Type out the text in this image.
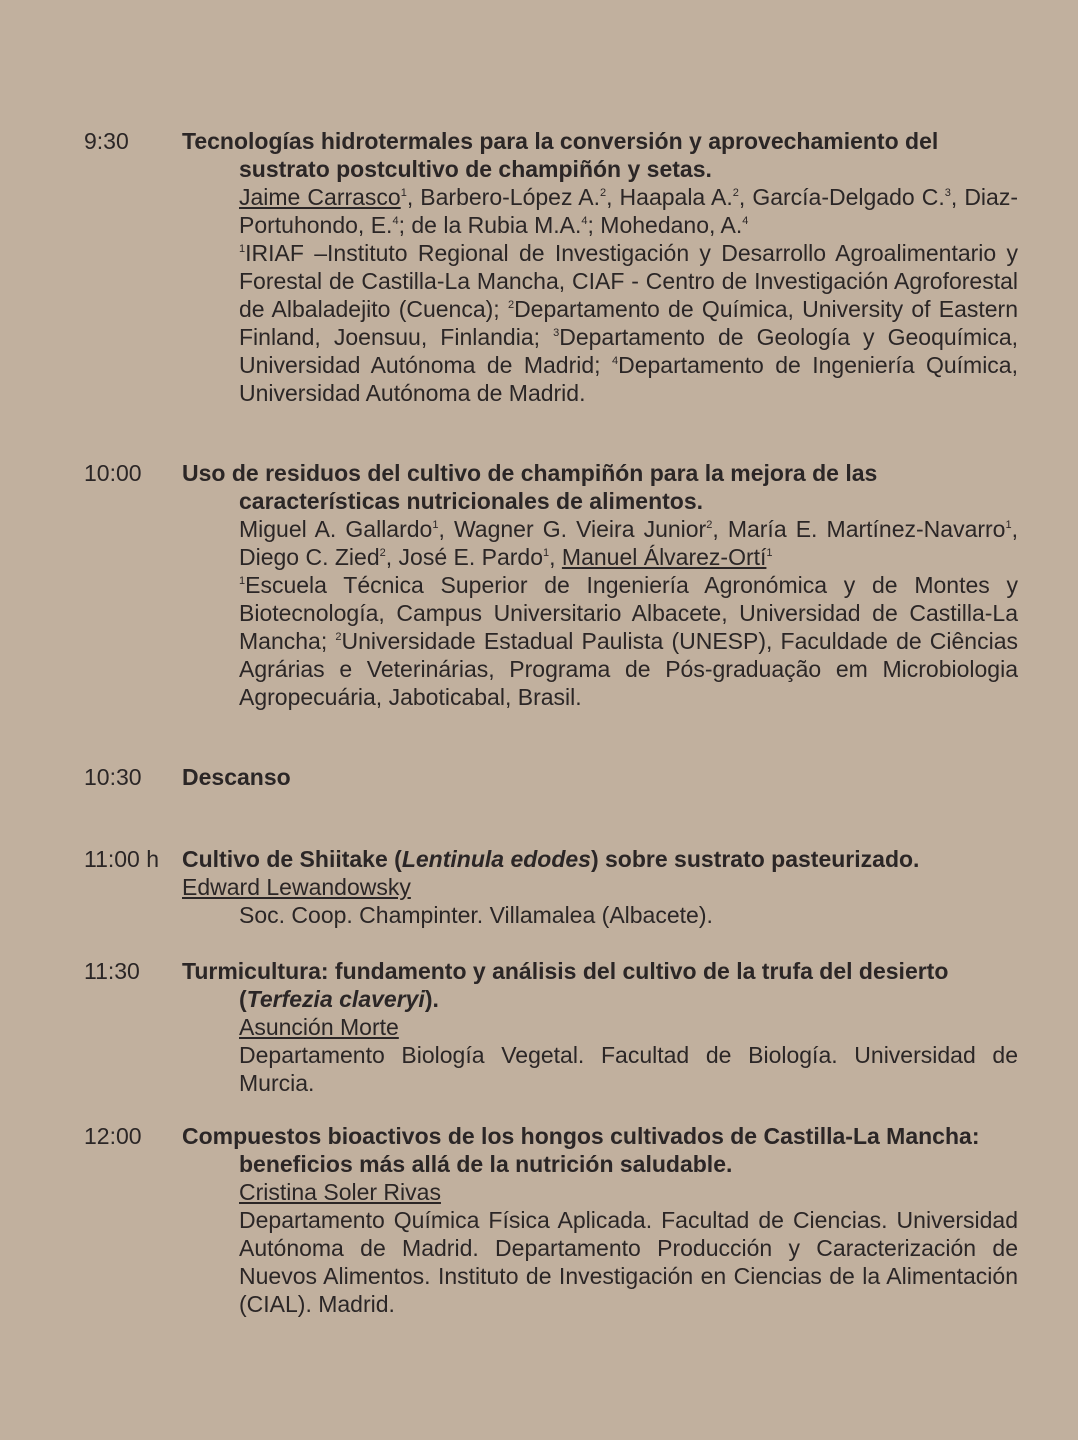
9:30 Tecnologías hidrotermales para la conversión y aprovechamiento del
sustrato postcultivo de champiñón y setas.

Jaime Carrasco$^1$, Barbero-López A.$^2$, Haapala A.$^2$, García-Delgado C.$^3$, Diaz-Portuhondo, E.$^4$; de la Rubia M.A.$^4$; Mohedano, A.$^4$

$^1$IRIAF –Instituto Regional de Investigación y Desarrollo Agroalimentario y Forestal de Castilla-La Mancha, CIAF - Centro de Investigación Agroforestal de Albaladejito (Cuenca); $^2$Departamento de Química, University of Eastern Finland, Joensuu, Finlandia; $^3$Departamento de Geología y Geoquímica, Universidad Autónoma de Madrid; $^4$Departamento de Ingeniería Química, Universidad Autónoma de Madrid.

10:00 Uso de residuos del cultivo de champiñón para la mejora de las
características nutricionales de alimentos.

Miguel A. Gallardo$^1$, Wagner G. Vieira Junior$^2$, María E. Martínez-Navarro$^1$, Diego C. Zied$^2$, José E. Pardo$^1$, Manuel Álvarez-Ortí$^1$

$^1$Escuela Técnica Superior de Ingeniería Agronómica y de Montes y Biotecnología, Campus Universitario Albacete, Universidad de Castilla-La Mancha; $^2$Universidade Estadual Paulista (UNESP), Faculdade de Ciências Agrárias e Veterinárias, Programa de Pós-graduação em Microbiologia Agropecuária, Jaboticabal, Brasil.

10:30 Descanso
11:00 h Cultivo de Shiitake (Lentinula edodes) sobre sustrato pasteurizado.
Edward Lewandowsky

Soc. Coop. Champinter. Villamalea (Albacete).

11:30 Turmicultura: fundamento y análisis del cultivo de la trufa del desierto
(Terfezia claveryi).

Asunción Morte

Departamento Biología Vegetal. Facultad de Biología. Universidad de Murcia.

12:00 Compuestos bioactivos de los hongos cultivados de Castilla-La Mancha:
beneficios más allá de la nutrición saludable.

Cristina Soler Rivas

Departamento Química Física Aplicada. Facultad de Ciencias. Universidad Autónoma de Madrid. Departamento Producción y Caracterización de Nuevos Alimentos. Instituto de Investigación en Ciencias de la Alimentación (CIAL). Madrid.
